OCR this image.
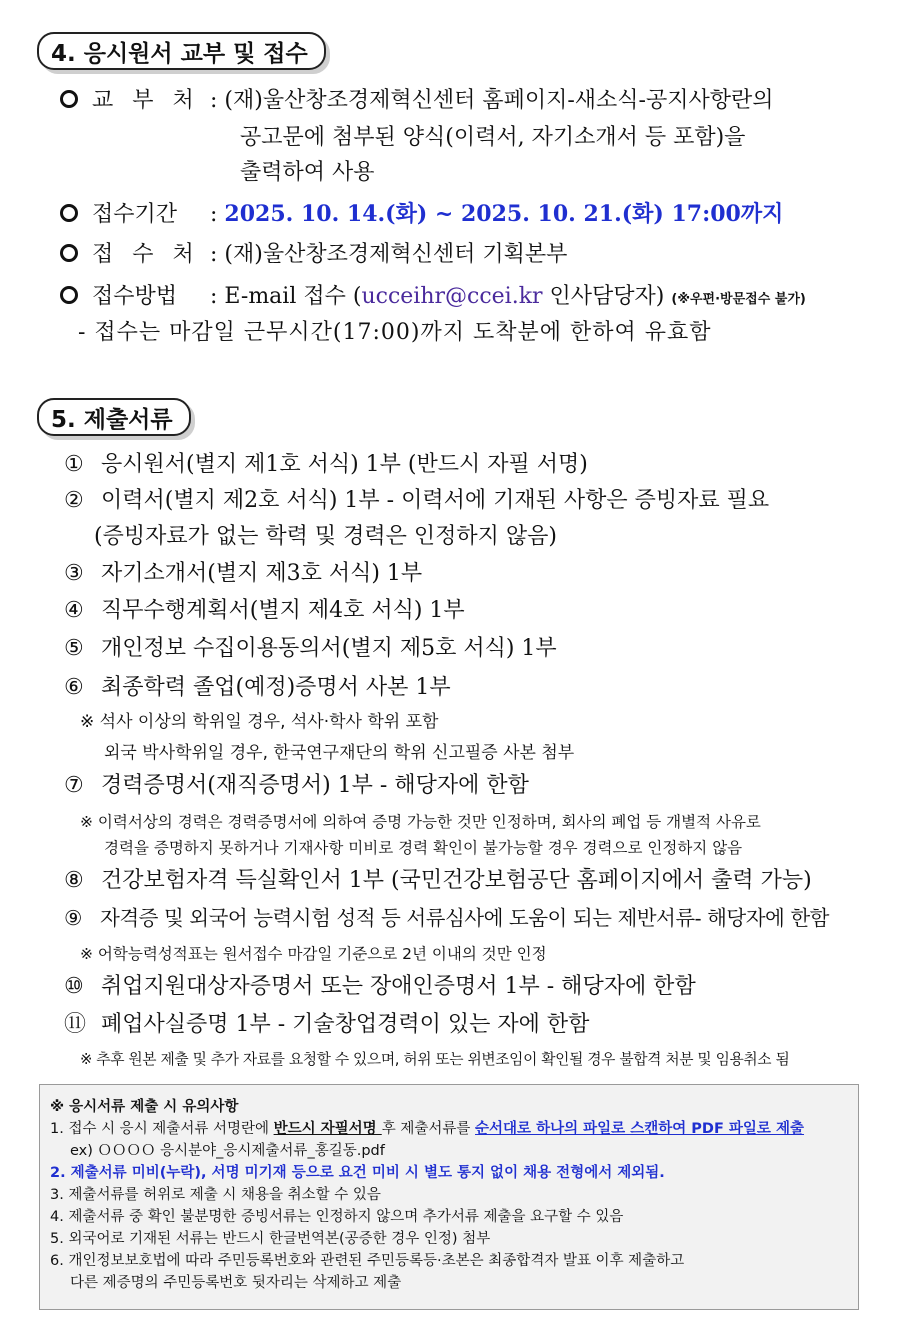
4. 응시원서 교부 및 접수
교 부 처 : (재)울산창조경제혁신센터 홈페이지-새소식-공지사항란의
공고문에 첨부된 양식(이력서, 자기소개서 등 포함)을
출력하여 사용
접수기간 : 2025. 10. 14.(화) ~ 2025. 10. 21.(화) 17:00까지
접 수 처 : (재)울산창조경제혁신센터 기획본부
접수방법 : E-mail 접수 (ucceihr@ccei.kr 인사담당자) (※우편·방문접수 불가)
- 접수는 마감일 근무시간(17:00)까지 도착분에 한하여 유효함
5. 제출서류
① 응시원서(별지 제1호 서식) 1부 (반드시 자필 서명)
② 이력서(별지 제2호 서식) 1부 - 이력서에 기재된 사항은 증빙자료 필요
(증빙자료가 없는 학력 및 경력은 인정하지 않음)
③ 자기소개서(별지 제3호 서식) 1부
④ 직무수행계획서(별지 제4호 서식) 1부
⑤ 개인정보 수집이용동의서(별지 제5호 서식) 1부
⑥ 최종학력 졸업(예정)증명서 사본 1부
※ 석사 이상의 학위일 경우, 석사·학사 학위 포함
외국 박사학위일 경우, 한국연구재단의 학위 신고필증 사본 첨부
⑦ 경력증명서(재직증명서) 1부 - 해당자에 한함
※ 이력서상의 경력은 경력증명서에 의하여 증명 가능한 것만 인정하며, 회사의 폐업 등 개별적 사유로
경력을 증명하지 못하거나 기재사항 미비로 경력 확인이 불가능할 경우 경력으로 인정하지 않음
⑧ 건강보험자격 득실확인서 1부 (국민건강보험공단 홈페이지에서 출력 가능)
⑨ 자격증 및 외국어 능력시험 성적 등 서류심사에 도움이 되는 제반서류- 해당자에 한함
※ 어학능력성적표는 원서접수 마감일 기준으로 2년 이내의 것만 인정
⑩ 취업지원대상자증명서 또는 장애인증명서 1부 - 해당자에 한함
⑪ 폐업사실증명 1부 - 기술창업경력이 있는 자에 한함
※ 추후 원본 제출 및 추가 자료를 요청할 수 있으며, 허위 또는 위변조임이 확인될 경우 불합격 처분 및 임용취소 됨
※ 응시서류 제출 시 유의사항
1. 접수 시 응시 제출서류 서명란에 반드시 자필서명 후 제출서류를 순서대로 하나의 파일로 스캔하여 PDF 파일로 제출
ex) ＯＯＯＯ 응시분야_응시제출서류_홍길동.pdf
2. 제출서류 미비(누락), 서명 미기재 등으로 요건 미비 시 별도 통지 없이 채용 전형에서 제외됨.
3. 제출서류를 허위로 제출 시 채용을 취소할 수 있음
4. 제출서류 중 확인 불분명한 증빙서류는 인정하지 않으며 추가서류 제출을 요구할 수 있음
5. 외국어로 기재된 서류는 반드시 한글번역본(공증한 경우 인정) 첨부
6. 개인정보보호법에 따라 주민등록번호와 관련된 주민등록등·초본은 최종합격자 발표 이후 제출하고
다른 제증명의 주민등록번호 뒷자리는 삭제하고 제출
